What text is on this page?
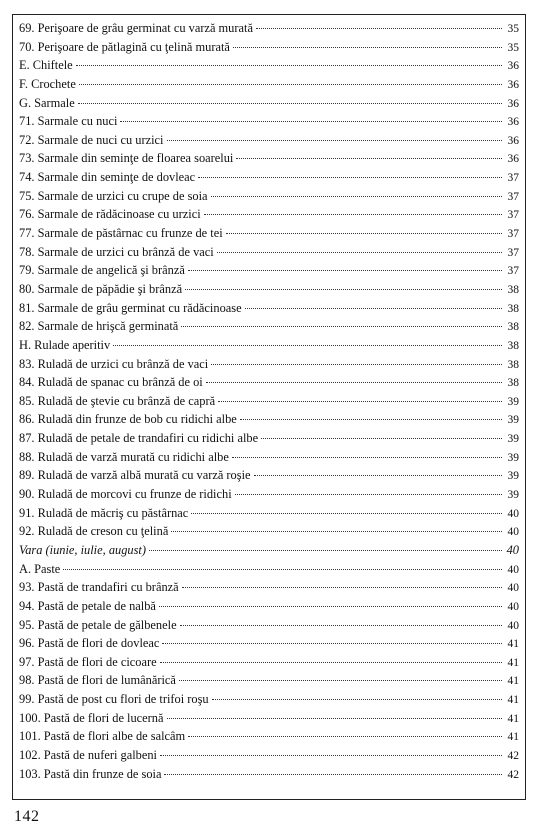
69. Perişoare de grâu germinat cu varză murată	35
70. Perişoare de pătlagină cu ţelină murată	35
E. Chiftele	36
F. Crochete	36
G. Sarmale	36
71. Sarmale cu nuci	36
72. Sarmale de nuci cu urzici	36
73. Sarmale din seminţe de floarea soarelui	36
74. Sarmale din seminţe de dovleac	37
75. Sarmale de urzici cu crupe de soia	37
76. Sarmale de rădăcinoase cu urzici	37
77. Sarmale de păstârnac cu frunze de tei	37
78. Sarmale de urzici cu brânză de vaci	37
79. Sarmale de angelică şi brânză	37
80. Sarmale de păpădie şi brânză	38
81. Sarmale de grâu germinat cu rădăcinoase	38
82. Sarmale de hrişcă germinată	38
H. Rulade aperitiv	38
83. Ruladă de urzici cu brânză de vaci	38
84. Ruladă de spanac cu brânză de oi	38
85. Ruladă de ştevie cu brânză de capră	39
86. Ruladă din frunze de bob cu ridichi albe	39
87. Ruladă de petale de trandafiri cu ridichi albe	39
88. Ruladă de varză murată cu ridichi albe	39
89. Ruladă de varză albă murată cu varză roşie	39
90. Ruladă de morcovi cu frunze de ridichi	39
91. Ruladă de măcriş cu păstârnac	40
92. Ruladă de creson cu ţelină	40
Vara (iunie, iulie, august)	40
A. Paste	40
93. Pastă de trandafiri cu brânză	40
94. Pastă de petale de nalbă	40
95. Pastă de petale de gălbenele	40
96. Pastă de flori de dovleac	41
97. Pastă de flori de cicoare	41
98. Pastă de flori de lumânărică	41
99. Pastă de post cu flori de trifoi roşu	41
100. Pastă de flori de lucernă	41
101. Pastă de flori albe de salcâm	41
102. Pastă de nuferi galbeni	42
103. Pastă din frunze de soia	42
142
